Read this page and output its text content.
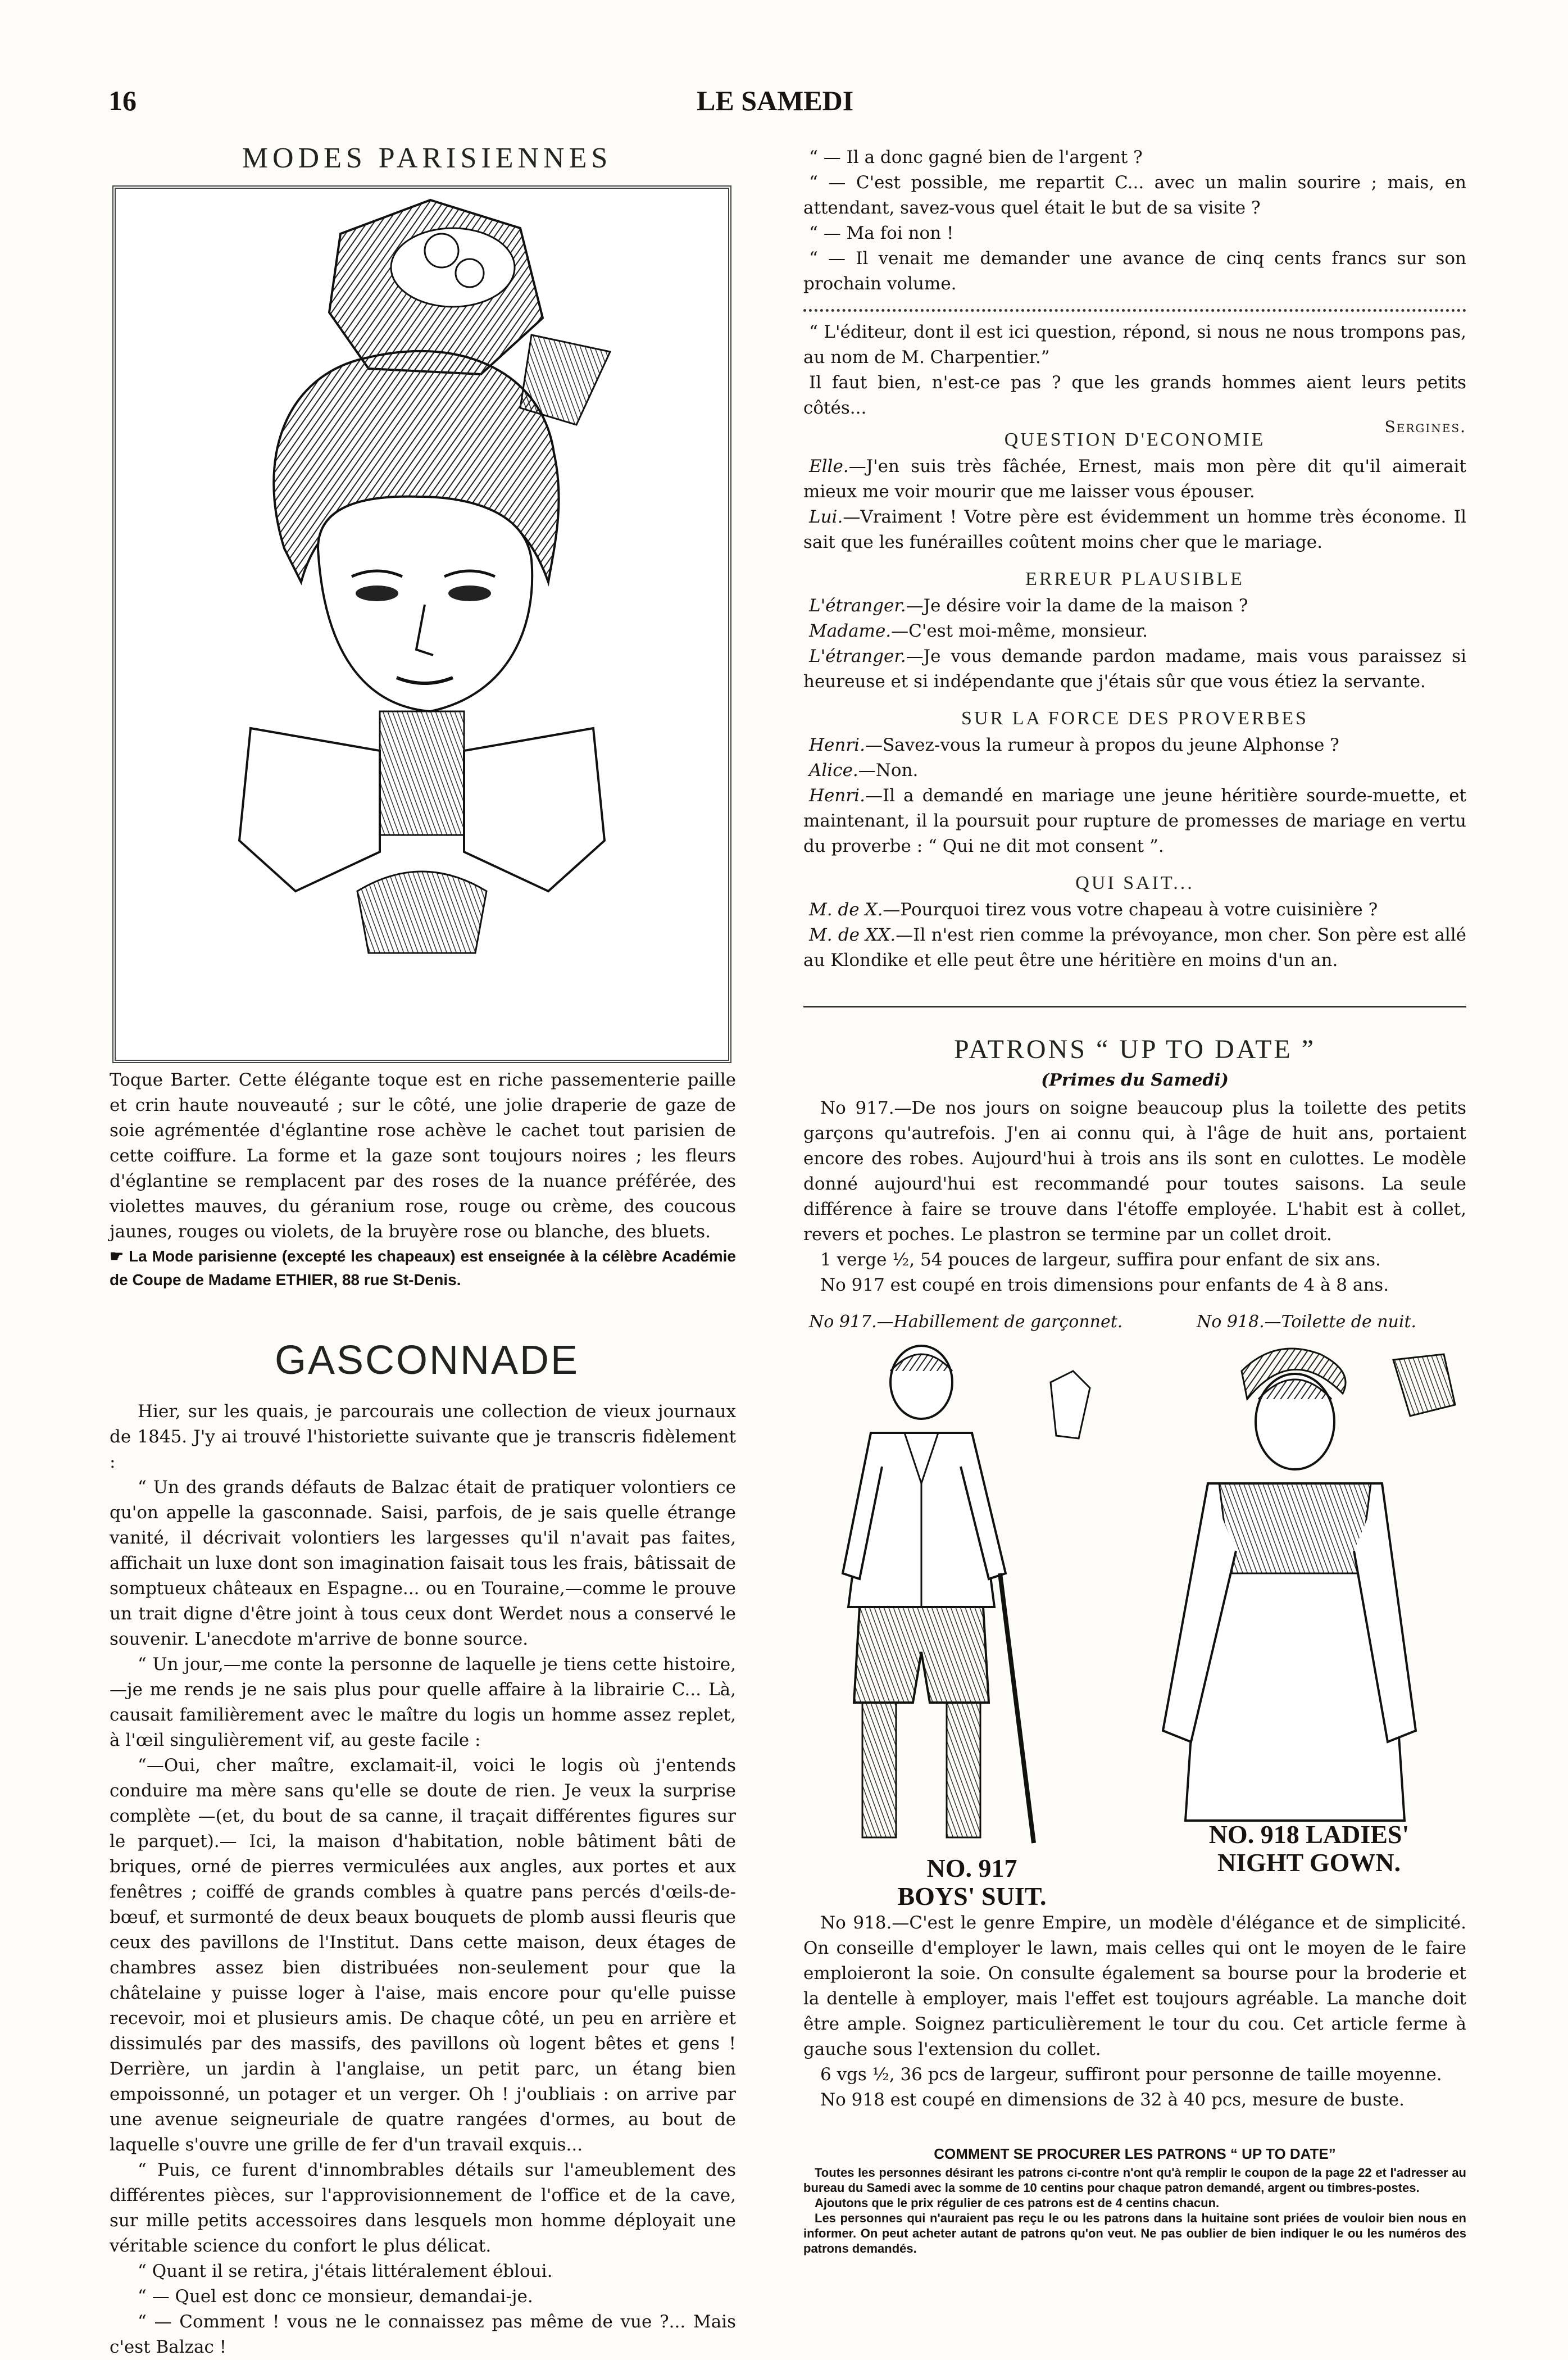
16	LE SAMEDI
MODES PARISIENNES

Toque Barter. Cette élégante toque est en riche passementerie paille et crin haute nouveauté ; sur le côté, une jolie draperie de gaze de soie agrémentée d'églantine rose achève le cachet tout parisien de cette coiffure. La forme et la gaze sont toujours noires ; les fleurs d'églantine se remplacent par des roses de la nuance préférée, des violettes mauves, du géranium rose, rouge ou crème, des coucous jaunes, rouges ou violets, de la bruyère rose ou blanche, des bluets.

☛ La Mode parisienne (excepté les chapeaux) est enseignée à la célèbre Académie de Coupe de Madame ETHIER, 88 rue St-Denis.

GASCONNADE

Hier, sur les quais, je parcourais une collection de vieux journaux de 1845. J'y ai trouvé l'historiette suivante que je transcris fidèlement :

“ Un des grands défauts de Balzac était de pratiquer volontiers ce qu'on appelle la gasconnade. Saisi, parfois, de je sais quelle étrange vanité, il décrivait volontiers les largesses qu'il n'avait pas faites, affichait un luxe dont son imagination faisait tous les frais, bâtissait de somptueux châteaux en Espagne... ou en Touraine,—comme le prouve un trait digne d'être joint à tous ceux dont Werdet nous a conservé le souvenir. L'anecdote m'arrive de bonne source.

“ Un jour,—me conte la personne de laquelle je tiens cette histoire,—je me rends je ne sais plus pour quelle affaire à la librairie C... Là, causait familièrement avec le maître du logis un homme assez replet, à l'œil singulièrement vif, au geste facile :

“—Oui, cher maître, exclamait-il, voici le logis où j'entends conduire ma mère sans qu'elle se doute de rien. Je veux la surprise complète —(et, du bout de sa canne, il traçait différentes figures sur le parquet).— Ici, la maison d'habitation, noble bâtiment bâti de briques, orné de pierres vermiculées aux angles, aux portes et aux fenêtres ; coiffé de grands combles à quatre pans percés d'œils-de-bœuf, et surmonté de deux beaux bouquets de plomb aussi fleuris que ceux des pavillons de l'Institut. Dans cette maison, deux étages de chambres assez bien distribuées non-seulement pour que la châtelaine y puisse loger à l'aise, mais encore pour qu'elle puisse recevoir, moi et plusieurs amis. De chaque côté, un peu en arrière et dissimulés par des massifs, des pavillons où logent bêtes et gens ! Derrière, un jardin à l'anglaise, un petit parc, un étang bien empoissonné, un potager et un verger. Oh ! j'oubliais : on arrive par une avenue seigneuriale de quatre rangées d'ormes, au bout de laquelle s'ouvre une grille de fer d'un travail exquis...

“ Puis, ce furent d'innombrables détails sur l'ameublement des différentes pièces, sur l'approvisionnement de l'office et de la cave, sur mille petits accessoires dans lesquels mon homme déployait une véritable science du confort le plus délicat.

“ Quant il se retira, j'étais littéralement ébloui.

“ — Quel est donc ce monsieur, demandai-je.

“ — Comment ! vous ne le connaissez pas même de vue ?... Mais c'est Balzac !

“ — Il a donc gagné bien de l'argent ?

“ — C'est possible, me repartit C... avec un malin sourire ; mais, en attendant, savez-vous quel était le but de sa visite ?

“ — Ma foi non !

“ — Il venait me demander une avance de cinq cents francs sur son prochain volume.

“ L'éditeur, dont il est ici question, répond, si nous ne nous trompons pas, au nom de M. Charpentier.”

Il faut bien, n'est-ce pas ? que les grands hommes aient leurs petits côtés...

Sergines.
QUESTION D'ECONOMIE

Elle.—J'en suis très fâchée, Ernest, mais mon père dit qu'il aimerait mieux me voir mourir que me laisser vous épouser.

Lui.—Vraiment ! Votre père est évidemment un homme très économe. Il sait que les funérailles coûtent moins cher que le mariage.

ERREUR PLAUSIBLE

L'étranger.—Je désire voir la dame de la maison ?

Madame.—C'est moi-même, monsieur.

L'étranger.—Je vous demande pardon madame, mais vous paraissez si heureuse et si indépendante que j'étais sûr que vous étiez la servante.

SUR LA FORCE DES PROVERBES

Henri.—Savez-vous la rumeur à propos du jeune Alphonse ?

Alice.—Non.

Henri.—Il a demandé en mariage une jeune héritière sourde-muette, et maintenant, il la poursuit pour rupture de promesses de mariage en vertu du proverbe : “ Qui ne dit mot consent ”.

QUI SAIT...

M. de X.—Pourquoi tirez vous votre chapeau à votre cuisinière ?

M. de XX.—Il n'est rien comme la prévoyance, mon cher. Son père est allé au Klondike et elle peut être une héritière en moins d'un an.

PATRONS “ UP TO DATE ”
(Primes du Samedi)

No 917.—De nos jours on soigne beaucoup plus la toilette des petits garçons qu'autrefois. J'en ai connu qui, à l'âge de huit ans, portaient encore des robes. Aujourd'hui à trois ans ils sont en culottes. Le modèle donné aujourd'hui est recommandé pour toutes saisons. La seule différence à faire se trouve dans l'étoffe employée. L'habit est à collet, revers et poches. Le plastron se termine par un collet droit.

1 verge ½, 54 pouces de largeur, suffira pour enfant de six ans.

No 917 est coupé en trois dimensions pour enfants de 4 à 8 ans.

No 917.—Habillement de garçonnet.	No 918.—Toilette de nuit.
NO. 917
BOYS' SUIT.
NO. 918 LADIES'
NIGHT GOWN.

No 918.—C'est le genre Empire, un modèle d'élégance et de simplicité. On conseille d'employer le lawn, mais celles qui ont le moyen de le faire emploieront la soie. On consulte également sa bourse pour la broderie et la dentelle à employer, mais l'effet est toujours agréable. La manche doit être ample. Soignez particulièrement le tour du cou. Cet article ferme à gauche sous l'extension du collet.

6 vgs ½, 36 pcs de largeur, suffiront pour personne de taille moyenne.

No 918 est coupé en dimensions de 32 à 40 pcs, mesure de buste.

COMMENT SE PROCURER LES PATRONS “ UP TO DATE”

Toutes les personnes désirant les patrons ci-contre n'ont qu'à remplir le coupon de la page 22 et l'adresser au bureau du Samedi avec la somme de 10 centins pour chaque patron demandé, argent ou timbres-postes.

Ajoutons que le prix régulier de ces patrons est de 4 centins chacun.

Les personnes qui n'auraient pas reçu le ou les patrons dans la huitaine sont priées de vouloir bien nous en informer. On peut acheter autant de patrons qu'on veut. Ne pas oublier de bien indiquer le ou les numéros des patrons demandés.
